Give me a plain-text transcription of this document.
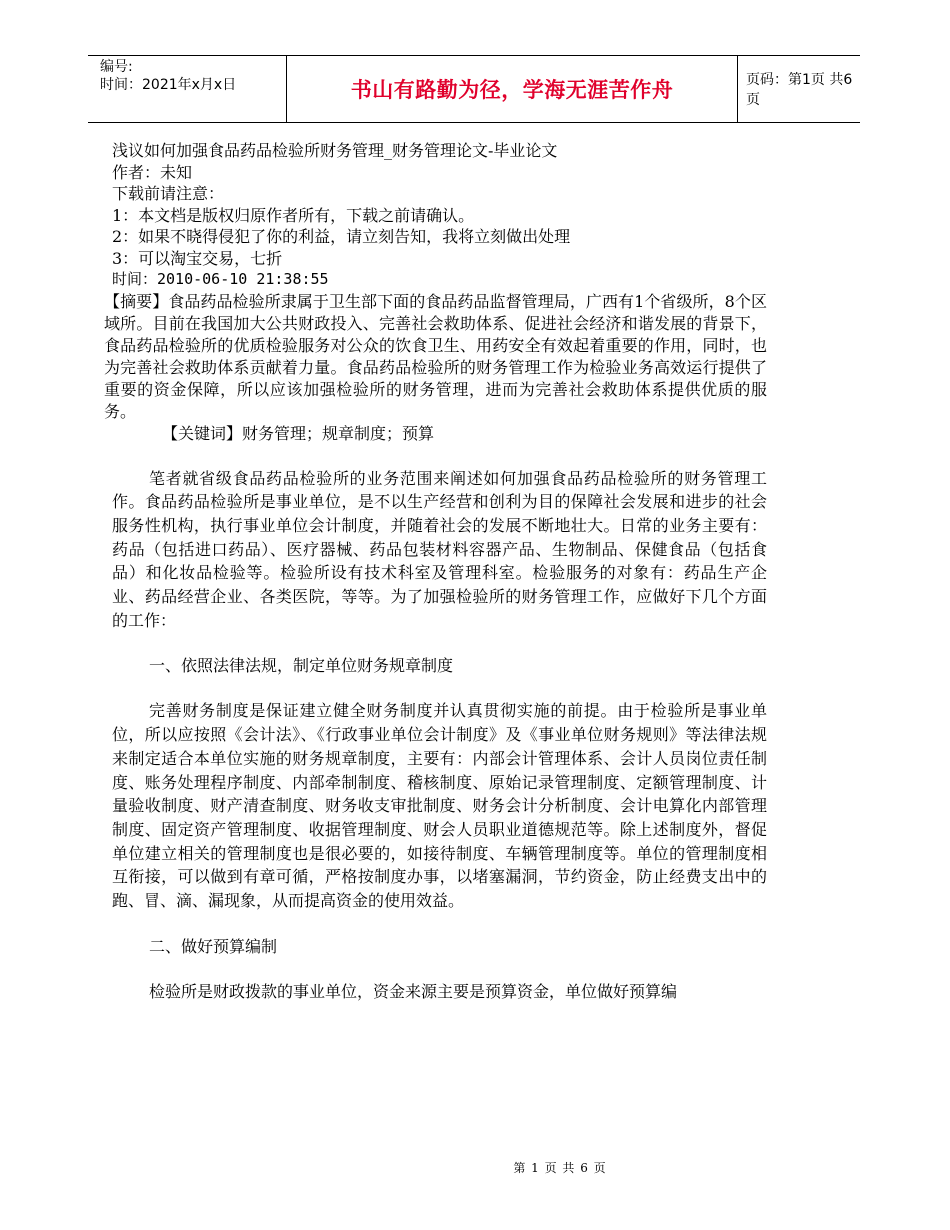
编号:
时间：2021年x月x日	书山有路勤为径，学海无涯苦作舟	页码：第1页 共6页
浅议如何加强食品药品检验所财务管理_财务管理论文-毕业论文
作者：未知
下载前请注意：
1：本文档是版权归原作者所有，下载之前请确认。
2：如果不晓得侵犯了你的利益，请立刻告知，我将立刻做出处理
3：可以淘宝交易，七折
时间：2010-06-10 21:38:55
【摘要】食品药品检验所隶属于卫生部下面的食品药品监督管理局，广西有1个省级所，8个区域所。目前在我国加大公共财政投入、完善社会救助体系、促进社会经济和谐发展的背景下，食品药品检验所的优质检验服务对公众的饮食卫生、用药安全有效起着重要的作用，同时，也为完善社会救助体系贡献着力量。食品药品检验所的财务管理工作为检验业务高效运行提供了重要的资金保障，所以应该加强检验所的财务管理，进而为完善社会救助体系提供优质的服务。
【关键词】财务管理；规章制度；预算

笔者就省级食品药品检验所的业务范围来阐述如何加强食品药品检验所的财务管理工作。食品药品检验所是事业单位，是不以生产经营和创利为目的保障社会发展和进步的社会服务性机构，执行事业单位会计制度，并随着社会的发展不断地壮大。日常的业务主要有：药品（包括进口药品）、医疗器械、药品包装材料容器产品、生物制品、保健食品（包括食品）和化妆品检验等。检验所设有技术科室及管理科室。检验服务的对象有：药品生产企业、药品经营企业、各类医院，等等。为了加强检验所的财务管理工作，应做好下几个方面的工作：

一、依照法律法规，制定单位财务规章制度

完善财务制度是保证建立健全财务制度并认真贯彻实施的前提。由于检验所是事业单位，所以应按照《会计法》、《行政事业单位会计制度》及《事业单位财务规则》等法律法规来制定适合本单位实施的财务规章制度，主要有：内部会计管理体系、会计人员岗位责任制度、账务处理程序制度、内部牵制制度、稽核制度、原始记录管理制度、定额管理制度、计量验收制度、财产清查制度、财务收支审批制度、财务会计分析制度、会计电算化内部管理制度、固定资产管理制度、收据管理制度、财会人员职业道德规范等。除上述制度外，督促单位建立相关的管理制度也是很必要的，如接待制度、车辆管理制度等。单位的管理制度相互衔接，可以做到有章可循，严格按制度办事，以堵塞漏洞，节约资金，防止经费支出中的跑、冒、滴、漏现象，从而提高资金的使用效益。

二、做好预算编制

检验所是财政拨款的事业单位，资金来源主要是预算资金，单位做好预算编

第 1 页 共 6 页
